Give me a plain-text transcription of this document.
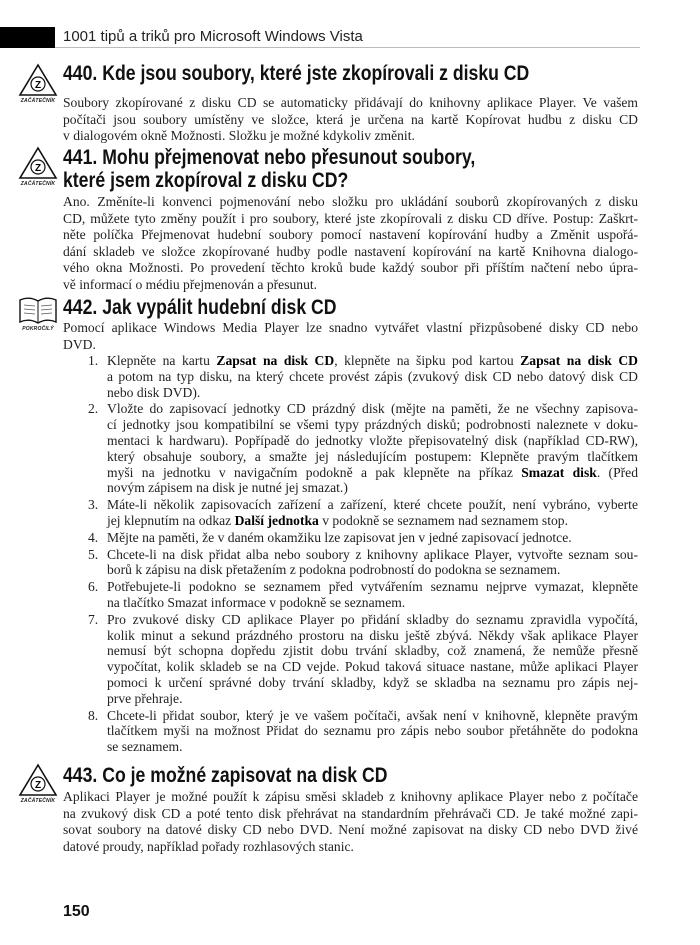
1001 tipů a triků pro Microsoft Windows Vista
Z
ZAČÁTEČNÍK
440. Kde jsou soubory, které jste zkopírovali z disku CD
Soubory zkopírované z disku CD se automaticky přidávají do knihovny aplikace Player. Ve vašem
počítači jsou soubory umístěny ve složce, která je určena na kartě Kopírovat hudbu z disku CD
v dialogovém okně Možnosti. Složku je možné kdykoliv změnit.
Z
ZAČÁTEČNÍK
441. Mohu přejmenovat nebo přesunout soubory,
které jsem zkopíroval z disku CD?
Ano. Změníte-li konvenci pojmenování nebo složku pro ukládání souborů zkopírovaných z disku
CD, můžete tyto změny použít i pro soubory, které jste zkopírovali z disku CD dříve. Postup: Zaškrt-
něte políčka Přejmenovat hudební soubory pomocí nastavení kopírování hudby a Změnit uspořá-
dání skladeb ve složce zkopírované hudby podle nastavení kopírování na kartě Knihovna dialogo-
vého okna Možnosti. Po provedení těchto kroků bude každý soubor při příštím načtení nebo úpra-
vě informací o médiu přejmenován a přesunut.
POKROČILÝ
442. Jak vypálit hudební disk CD
Pomocí aplikace Windows Media Player lze snadno vytvářet vlastní přizpůsobené disky CD nebo
DVD.
1. Klepněte na kartu Zapsat na disk CD, klepněte na šipku pod kartou Zapsat na disk CD
a potom na typ disku, na který chcete provést zápis (zvukový disk CD nebo datový disk CD
nebo disk DVD).
2. Vložte do zapisovací jednotky CD prázdný disk (mějte na paměti, že ne všechny zapisova-
cí jednotky jsou kompatibilní se všemi typy prázdných disků; podrobnosti naleznete v doku-
mentaci k hardwaru). Popřípadě do jednotky vložte přepisovatelný disk (například CD-RW),
který obsahuje soubory, a smažte jej následujícím postupem: Klepněte pravým tlačítkem
myši na jednotku v navigačním podokně a pak klepněte na příkaz Smazat disk. (Před
novým zápisem na disk je nutné jej smazat.)
3. Máte-li několik zapisovacích zařízení a zařízení, které chcete použít, není vybráno, vyberte
jej klepnutím na odkaz Další jednotka v podokně se seznamem nad seznamem stop.
4. Mějte na paměti, že v daném okamžiku lze zapisovat jen v jedné zapisovací jednotce.
5. Chcete-li na disk přidat alba nebo soubory z knihovny aplikace Player, vytvořte seznam sou-
borů k zápisu na disk přetažením z podokna podrobností do podokna se seznamem.
6. Potřebujete-li podokno se seznamem před vytvářením seznamu nejprve vymazat, klepněte
na tlačítko Smazat informace v podokně se seznamem.
7. Pro zvukové disky CD aplikace Player po přidání skladby do seznamu zpravidla vypočítá,
kolik minut a sekund prázdného prostoru na disku ještě zbývá. Někdy však aplikace Player
nemusí být schopna dopředu zjistit dobu trvání skladby, což znamená, že nemůže přesně
vypočítat, kolik skladeb se na CD vejde. Pokud taková situace nastane, může aplikaci Player
pomoci k určení správné doby trvání skladby, když se skladba na seznamu pro zápis nej-
prve přehraje.
8. Chcete-li přidat soubor, který je ve vašem počítači, avšak není v knihovně, klepněte pravým
tlačítkem myši na možnost Přidat do seznamu pro zápis nebo soubor přetáhněte do podokna
se seznamem.
Z
ZAČÁTEČNÍK
443. Co je možné zapisovat na disk CD
Aplikaci Player je možné použít k zápisu směsi skladeb z knihovny aplikace Player nebo z počítače
na zvukový disk CD a poté tento disk přehrávat na standardním přehrávači CD. Je také možné zapi-
sovat soubory na datové disky CD nebo DVD. Není možné zapisovat na disky CD nebo DVD živé
datové proudy, například pořady rozhlasových stanic.
150
